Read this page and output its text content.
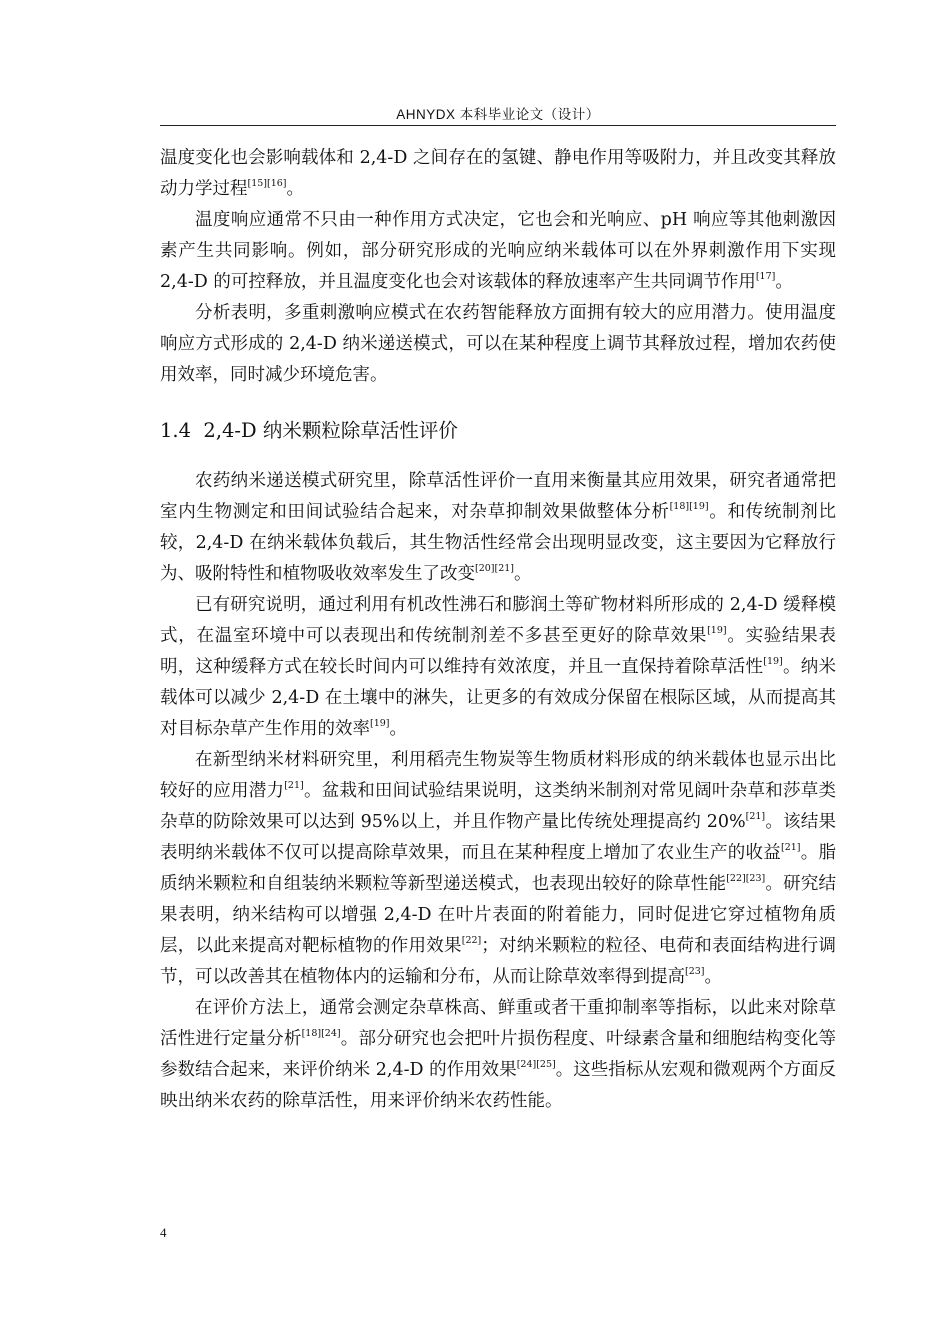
AHNYDX 本科毕业论文（设计）

温度变化也会影响载体和 2,4-D 之间存在的氢键、静电作用等吸附力，并且改变其释放动力学过程[15][16]。

温度响应通常不只由一种作用方式决定，它也会和光响应、pH 响应等其他刺激因素产生共同影响。例如，部分研究形成的光响应纳米载体可以在外界刺激作用下实现 2,4-D 的可控释放，并且温度变化也会对该载体的释放速率产生共同调节作用[17]。

分析表明，多重刺激响应模式在农药智能释放方面拥有较大的应用潜力。使用温度响应方式形成的 2,4-D 纳米递送模式，可以在某种程度上调节其释放过程，增加农药使用效率，同时减少环境危害。

1.4 2,4-D 纳米颗粒除草活性评价

农药纳米递送模式研究里，除草活性评价一直用来衡量其应用效果，研究者通常把室内生物测定和田间试验结合起来，对杂草抑制效果做整体分析[18][19]。和传统制剂比较，2,4-D 在纳米载体负载后，其生物活性经常会出现明显改变，这主要因为它释放行为、吸附特性和植物吸收效率发生了改变[20][21]。

已有研究说明，通过利用有机改性沸石和膨润土等矿物材料所形成的 2,4-D 缓释模式，在温室环境中可以表现出和传统制剂差不多甚至更好的除草效果[19]。实验结果表明，这种缓释方式在较长时间内可以维持有效浓度，并且一直保持着除草活性[19]。纳米载体可以减少 2,4-D 在土壤中的淋失，让更多的有效成分保留在根际区域，从而提高其对目标杂草产生作用的效率[19]。

在新型纳米材料研究里，利用稻壳生物炭等生物质材料形成的纳米载体也显示出比较好的应用潜力[21]。盆栽和田间试验结果说明，这类纳米制剂对常见阔叶杂草和莎草类杂草的防除效果可以达到 95%以上，并且作物产量比传统处理提高约 20%[21]。该结果表明纳米载体不仅可以提高除草效果，而且在某种程度上增加了农业生产的收益[21]。脂质纳米颗粒和自组装纳米颗粒等新型递送模式，也表现出较好的除草性能[22][23]。研究结果表明，纳米结构可以增强 2,4-D 在叶片表面的附着能力，同时促进它穿过植物角质层，以此来提高对靶标植物的作用效果[22]；对纳米颗粒的粒径、电荷和表面结构进行调节，可以改善其在植物体内的运输和分布，从而让除草效率得到提高[23]。

在评价方法上，通常会测定杂草株高、鲜重或者干重抑制率等指标，以此来对除草活性进行定量分析[18][24]。部分研究也会把叶片损伤程度、叶绿素含量和细胞结构变化等参数结合起来，来评价纳米 2,4-D 的作用效果[24][25]。这些指标从宏观和微观两个方面反映出纳米农药的除草活性，用来评价纳米农药性能。

4
